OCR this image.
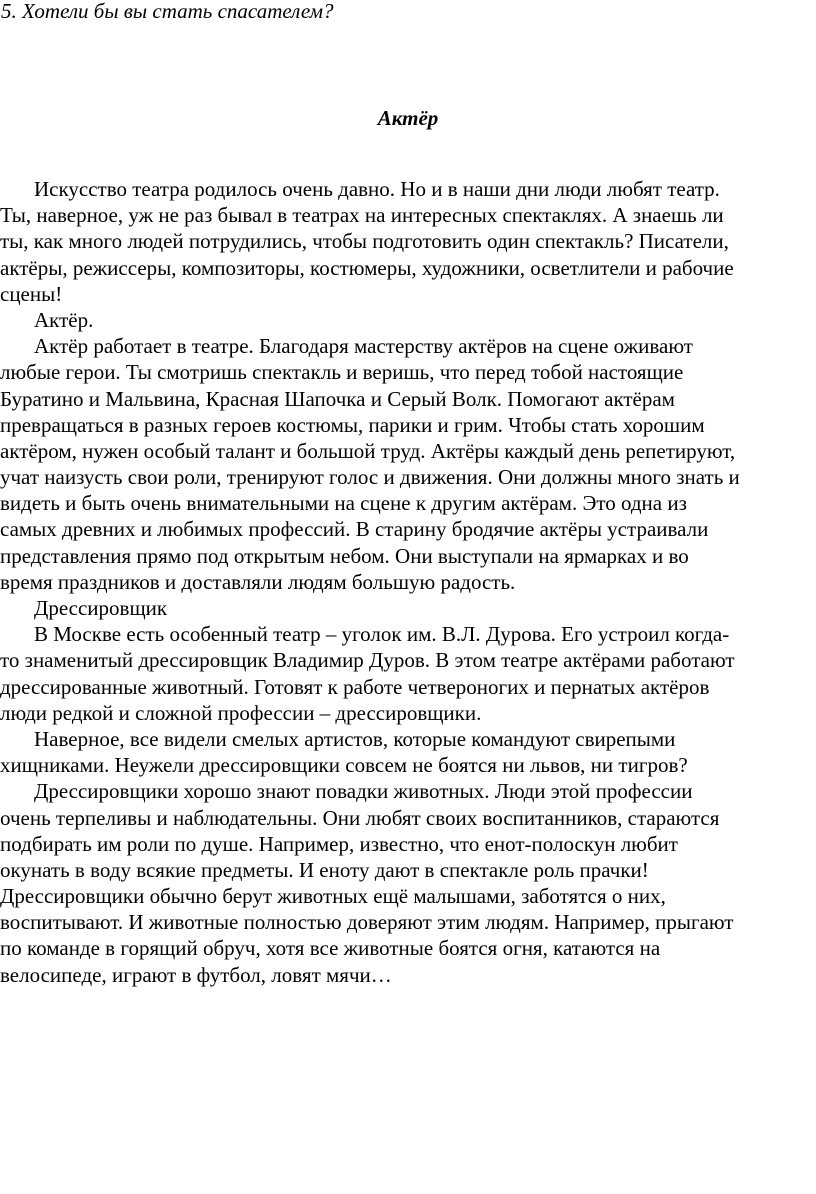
5. Хотели бы вы стать спасателем?
Актёр
Искусство театра родилось очень давно. Но и в наши дни люди любят театр.
Ты, наверное, уж не раз бывал в театрах на интересных спектаклях. А знаешь ли
ты, как много людей потрудились, чтобы подготовить один спектакль? Писатели,
актёры, режиссеры, композиторы, костюмеры, художники, осветлители и рабочие
сцены!
Актёр.
Актёр работает в театре. Благодаря мастерству актёров на сцене оживают
любые герои. Ты смотришь спектакль и веришь, что перед тобой настоящие
Буратино и Мальвина, Красная Шапочка и Серый Волк. Помогают актёрам
превращаться в разных героев костюмы, парики и грим. Чтобы стать хорошим
актёром, нужен особый талант и большой труд. Актёры каждый день репетируют,
учат наизусть свои роли, тренируют голос и движения. Они должны много знать и
видеть и быть очень внимательными на сцене к другим актёрам. Это одна из
самых древних и любимых профессий. В старину бродячие актёры устраивали
представления прямо под открытым небом. Они выступали на ярмарках и во
время праздников и доставляли людям большую радость.
Дрессировщик
В Москве есть особенный театр – уголок им. В.Л. Дурова. Его устроил когда-
то знаменитый дрессировщик Владимир Дуров. В этом театре актёрами работают
дрессированные животный. Готовят к работе четвероногих и пернатых актёров
люди редкой и сложной профессии – дрессировщики.
Наверное, все видели смелых артистов, которые командуют свирепыми
хищниками. Неужели дрессировщики совсем не боятся ни львов, ни тигров?
Дрессировщики хорошо знают повадки животных. Люди этой профессии
очень терпеливы и наблюдательны. Они любят своих воспитанников, стараются
подбирать им роли по душе. Например, известно, что енот-полоскун любит
окунать в воду всякие предметы. И еноту дают в спектакле роль прачки!
Дрессировщики обычно берут животных ещё малышами, заботятся о них,
воспитывают. И животные полностью доверяют этим людям. Например, прыгают
по команде в горящий обруч, хотя все животные боятся огня, катаются на
велосипеде, играют в футбол, ловят мячи…
